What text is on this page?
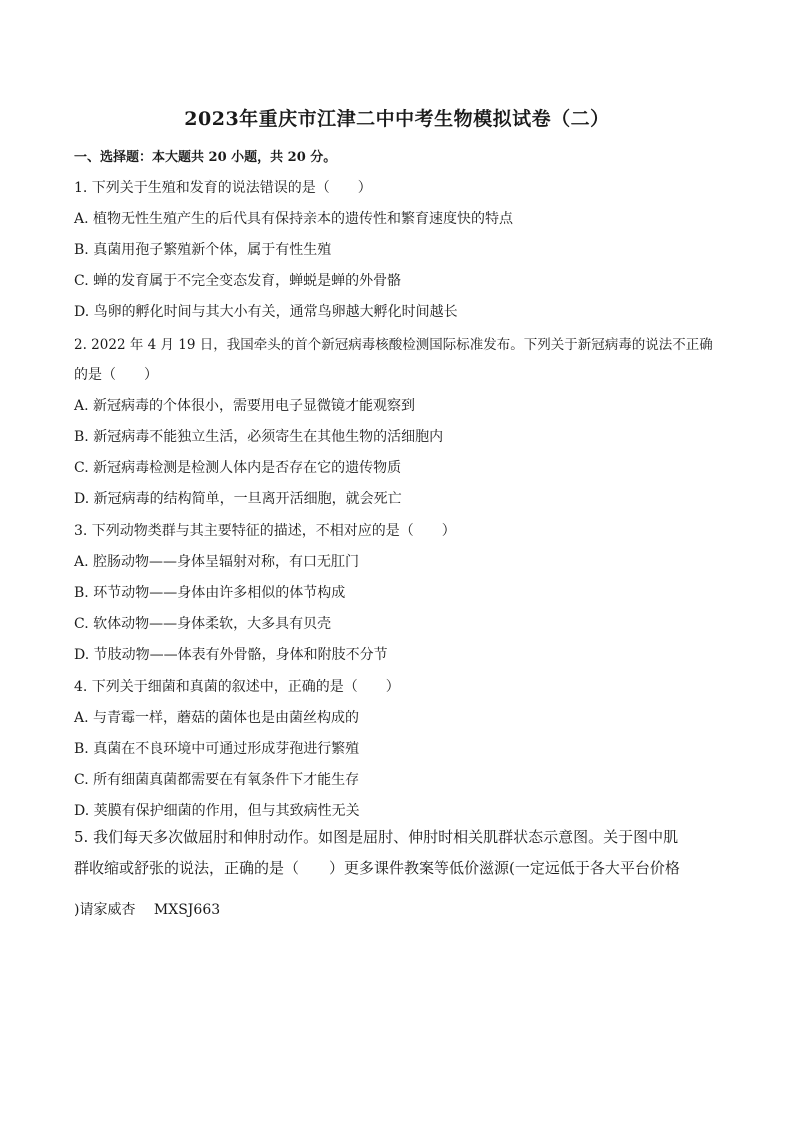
2023年重庆市江津二中中考生物模拟试卷（二）
一、选择题：本大题共 20 小题，共 20 分。
1. 下列关于生殖和发育的说法错误的是（　　）
A. 植物无性生殖产生的后代具有保持亲本的遗传性和繁育速度快的特点
B. 真菌用孢子繁殖新个体，属于有性生殖
C. 蝉的发育属于不完全变态发育，蝉蜕是蝉的外骨骼
D. 鸟卵的孵化时间与其大小有关，通常鸟卵越大孵化时间越长
2. 2022 年 4 月 19 日，我国牵头的首个新冠病毒核酸检测国际标准发布。下列关于新冠病毒的说法不正确
的是（　　）
A. 新冠病毒的个体很小，需要用电子显微镜才能观察到
B. 新冠病毒不能独立生活，必须寄生在其他生物的活细胞内
C. 新冠病毒检测是检测人体内是否存在它的遗传物质
D. 新冠病毒的结构简单，一旦离开活细胞，就会死亡
3. 下列动物类群与其主要特征的描述，不相对应的是（　　）
A. 腔肠动物——身体呈辐射对称，有口无肛门
B. 环节动物——身体由许多相似的体节构成
C. 软体动物——身体柔软，大多具有贝壳
D. 节肢动物——体表有外骨骼，身体和附肢不分节
4. 下列关于细菌和真菌的叙述中，正确的是（　　）
A. 与青霉一样，蘑菇的菌体也是由菌丝构成的
B. 真菌在不良环境中可通过形成芽孢进行繁殖
C. 所有细菌真菌都需要在有氧条件下才能生存
D. 荚膜有保护细菌的作用，但与其致病性无关
5. 我们每天多次做屈肘和伸肘动作。如图是屈肘、伸肘时相关肌群状态示意图。关于图中肌
群收缩或舒张的说法，正确的是（　　）更多课件教案等低价滋源(一定远低于各大平台价格
)请家威杏　 MXSJ663
